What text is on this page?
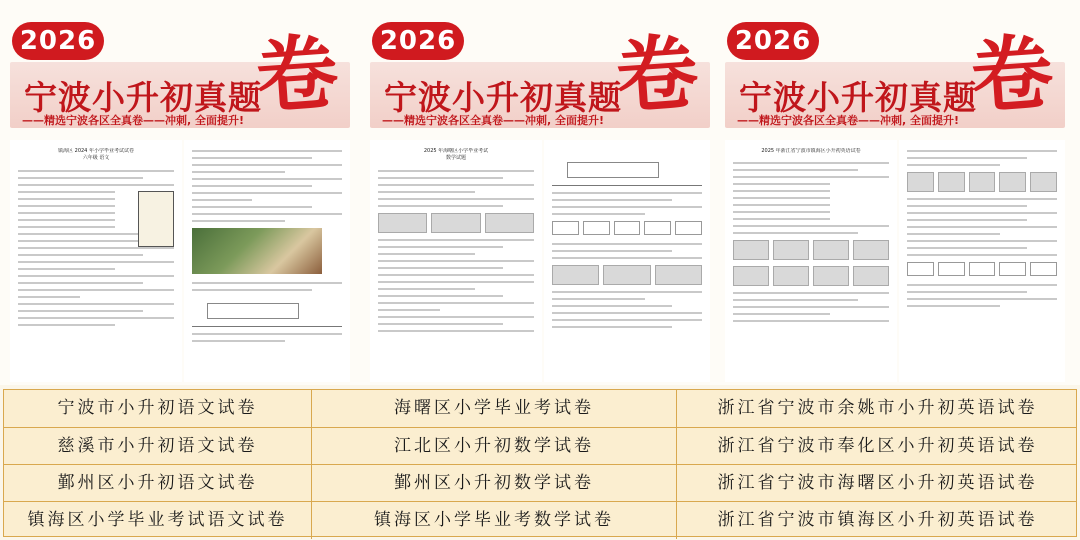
2026
宁波小升初真题
——精选宁波各区全真卷——冲刺, 全面提升! 卷
镇海区 2024 年小学毕业考试试卷
六年级 语文
2026
宁波小升初真题
——精选宁波各区全真卷——冲刺, 全面提升! 卷
2025 年海曙区小学毕业考试
数学试题
2026
宁波小升初真题
——精选宁波各区全真卷——冲刺, 全面提升! 卷
2025 年浙江省宁波市镇海区小升初英语试卷
宁波市小升初语文试卷	海曙区小学毕业考试卷	浙江省宁波市余姚市小升初英语试卷
慈溪市小升初语文试卷	江北区小升初数学试卷	浙江省宁波市奉化区小升初英语试卷
鄞州区小升初语文试卷	鄞州区小升初数学试卷	浙江省宁波市海曙区小升初英语试卷
镇海区小学毕业考试语文试卷	镇海区小学毕业考数学试卷	浙江省宁波市镇海区小升初英语试卷
